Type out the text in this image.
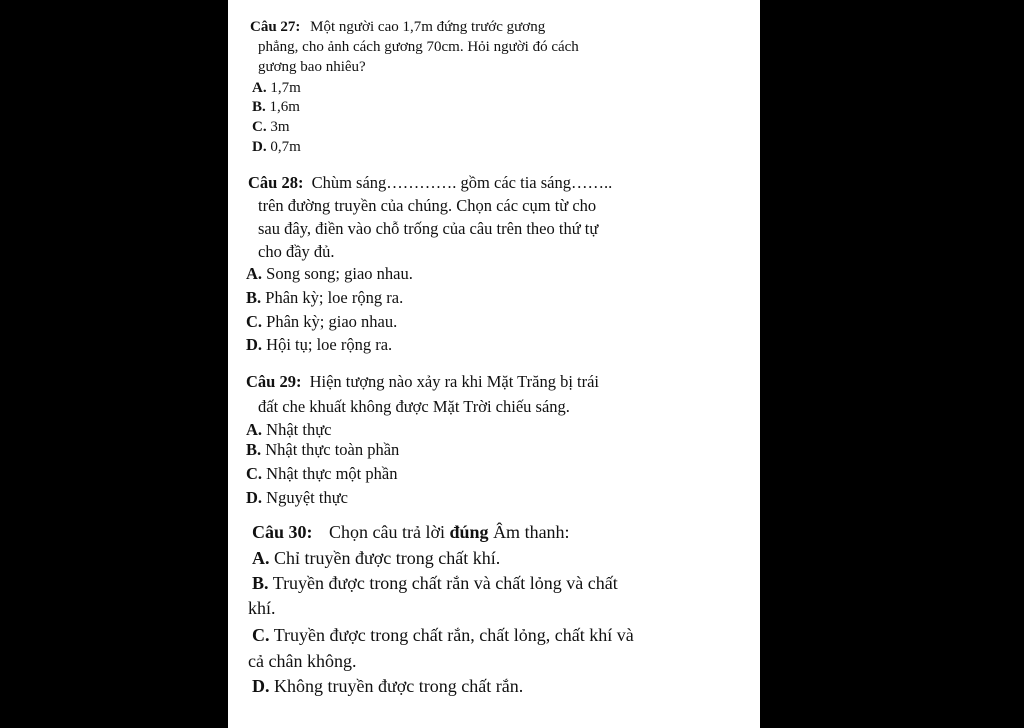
Câu 27: Một người cao 1,7m đứng trước gương
phẳng, cho ảnh cách gương 70cm. Hỏi người đó cách
gương bao nhiêu?
A. 1,7m
B. 1,6m
C. 3m
D. 0,7m
Câu 28: Chùm sáng…………. gồm các tia sáng……..
trên đường truyền của chúng. Chọn các cụm từ cho
sau đây, điền vào chỗ trống của câu trên theo thứ tự
cho đầy đủ.
A. Song song; giao nhau.
B. Phân kỳ; loe rộng ra.
C. Phân kỳ; giao nhau.
D. Hội tụ; loe rộng ra.
Câu 29: Hiện tượng nào xảy ra khi Mặt Trăng bị trái
đất che khuất không được Mặt Trời chiếu sáng.
A. Nhật thực
B. Nhật thực toàn phần
C. Nhật thực một phần
D. Nguyệt thực
Câu 30: Chọn câu trả lời đúng Âm thanh:
A. Chỉ truyền được trong chất khí.
B. Truyền được trong chất rắn và chất lỏng và chất
khí.
C. Truyền được trong chất rắn, chất lỏng, chất khí và
cả chân không.
D. Không truyền được trong chất rắn.
